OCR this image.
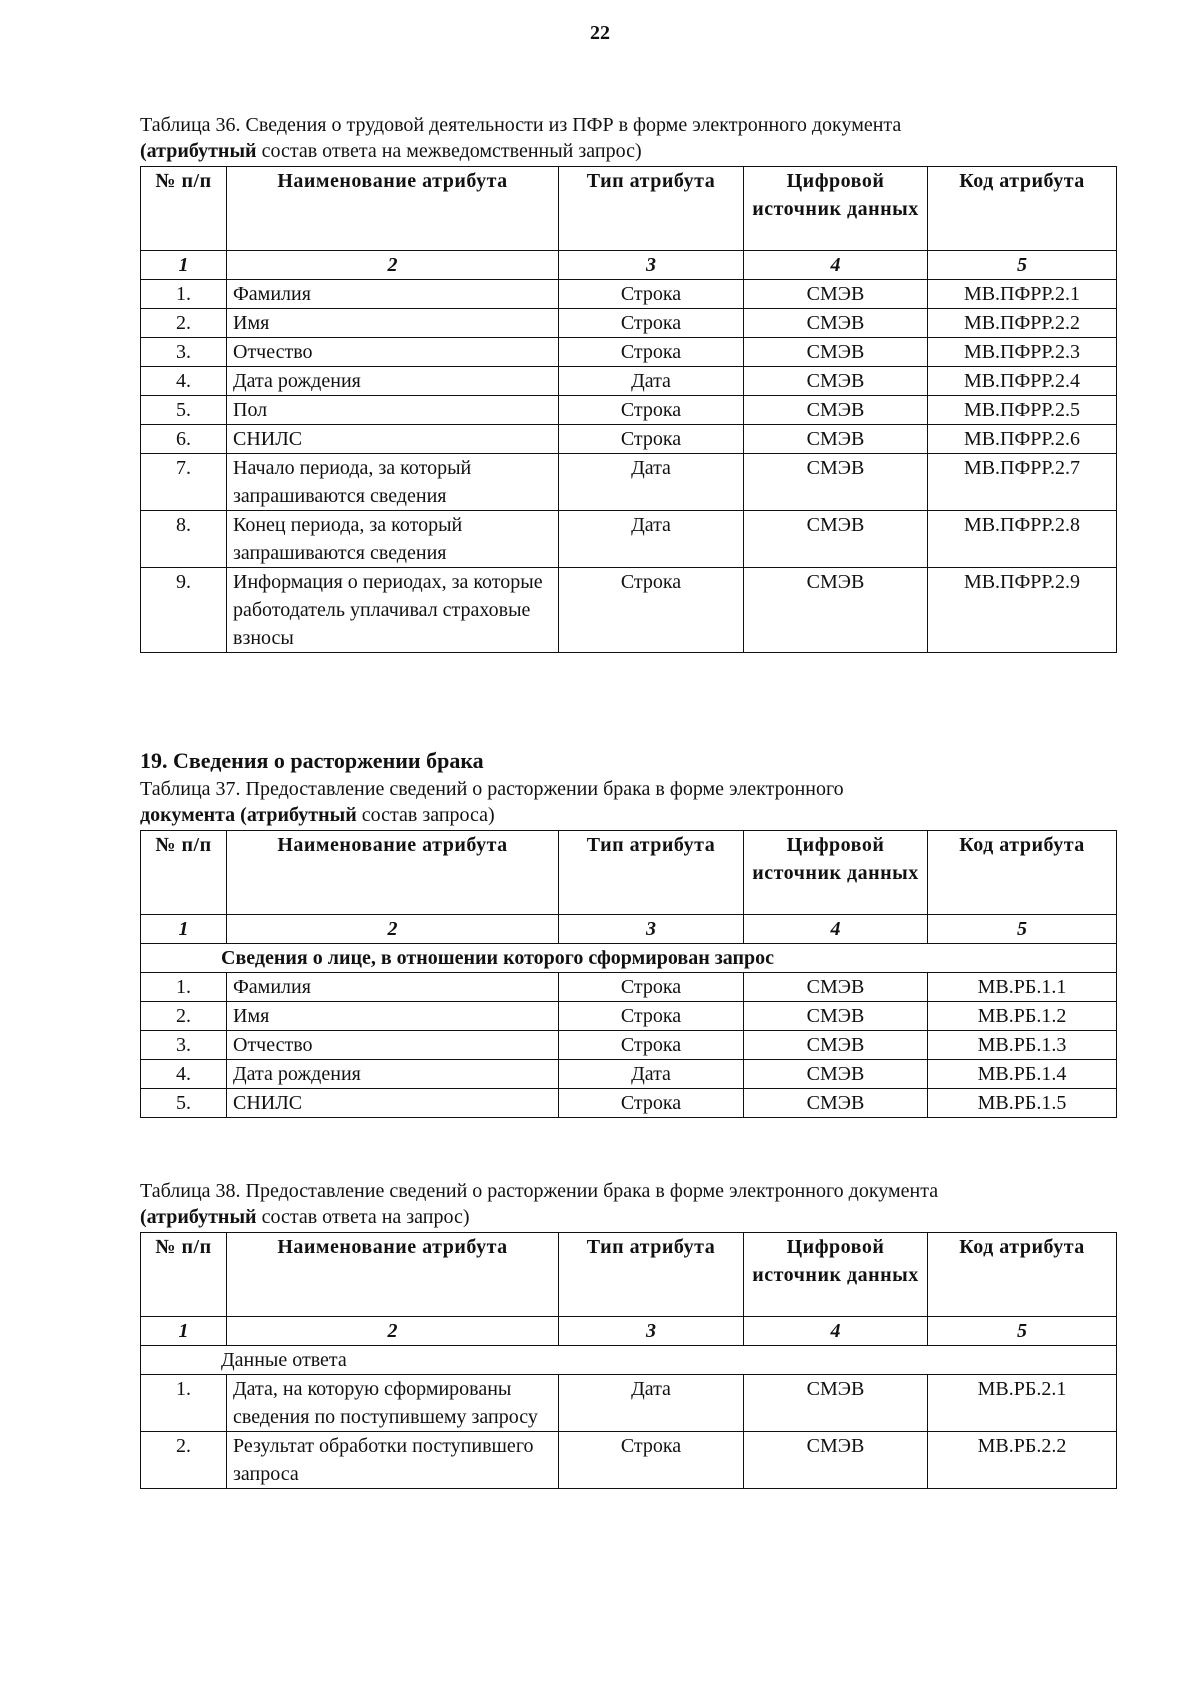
22
Таблица 36. Сведения о трудовой деятельности из ПФР в форме электронного документа
(атрибутный состав ответа на межведомственный запрос)
№ п/п	Наименование атрибута	Тип атрибута	Цифровой источник данных	Код атрибута
1	2	3	4	5
1.	Фамилия	Строка	СМЭВ	МВ.ПФРР.2.1
2.	Имя	Строка	СМЭВ	МВ.ПФРР.2.2
3.	Отчество	Строка	СМЭВ	МВ.ПФРР.2.3
4.	Дата рождения	Дата	СМЭВ	МВ.ПФРР.2.4
5.	Пол	Строка	СМЭВ	МВ.ПФРР.2.5
6.	СНИЛС	Строка	СМЭВ	МВ.ПФРР.2.6
7.	Начало периода, за который запрашиваются сведения	Дата	СМЭВ	МВ.ПФРР.2.7
8.	Конец периода, за который запрашиваются сведения	Дата	СМЭВ	МВ.ПФРР.2.8
9.	Информация о периодах, за которые работодатель уплачивал страховые взносы	Строка	СМЭВ	МВ.ПФРР.2.9
19. Сведения о расторжении брака
Таблица 37. Предоставление сведений о расторжении брака в форме электронного
документа (атрибутный состав запроса)
№ п/п	Наименование атрибута	Тип атрибута	Цифровой источник данных	Код атрибута
1	2	3	4	5
Сведения о лице, в отношении которого сформирован запрос				
1.	Фамилия	Строка	СМЭВ	МВ.РБ.1.1
2.	Имя	Строка	СМЭВ	МВ.РБ.1.2
3.	Отчество	Строка	СМЭВ	МВ.РБ.1.3
4.	Дата рождения	Дата	СМЭВ	МВ.РБ.1.4
5.	СНИЛС	Строка	СМЭВ	МВ.РБ.1.5
Таблица 38. Предоставление сведений о расторжении брака в форме электронного документа
(атрибутный состав ответа на запрос)
№ п/п	Наименование атрибута	Тип атрибута	Цифровой источник данных	Код атрибута
1	2	3	4	5
Данные ответа				
1.	Дата, на которую сформированы сведения по поступившему запросу	Дата	СМЭВ	МВ.РБ.2.1
2.	Результат обработки поступившего запроса	Строка	СМЭВ	МВ.РБ.2.2
